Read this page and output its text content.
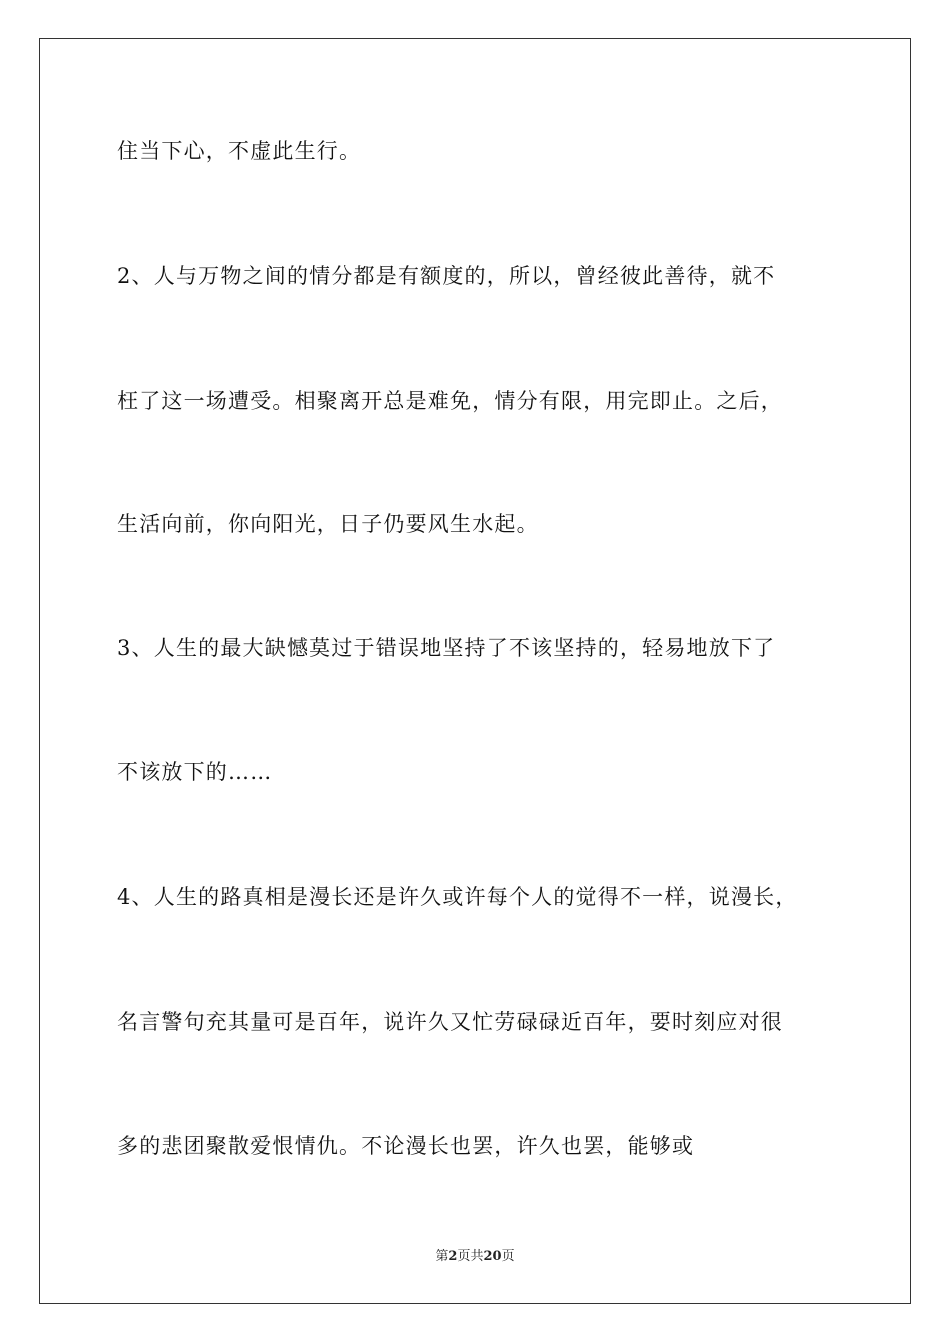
住当下心，不虚此生行。
2、人与万物之间的情分都是有额度的，所以，曾经彼此善待，就不
枉了这一场遭受。相聚离开总是难免，情分有限，用完即止。之后，
生活向前，你向阳光，日子仍要风生水起。
3、人生的最大缺憾莫过于错误地坚持了不该坚持的，轻易地放下了
不该放下的……
4、人生的路真相是漫长还是许久或许每个人的觉得不一样，说漫长，
名言警句充其量可是百年，说许久又忙劳碌碌近百年，要时刻应对很
多的悲团聚散爱恨情仇。不论漫长也罢，许久也罢，能够或
第2页共20页
